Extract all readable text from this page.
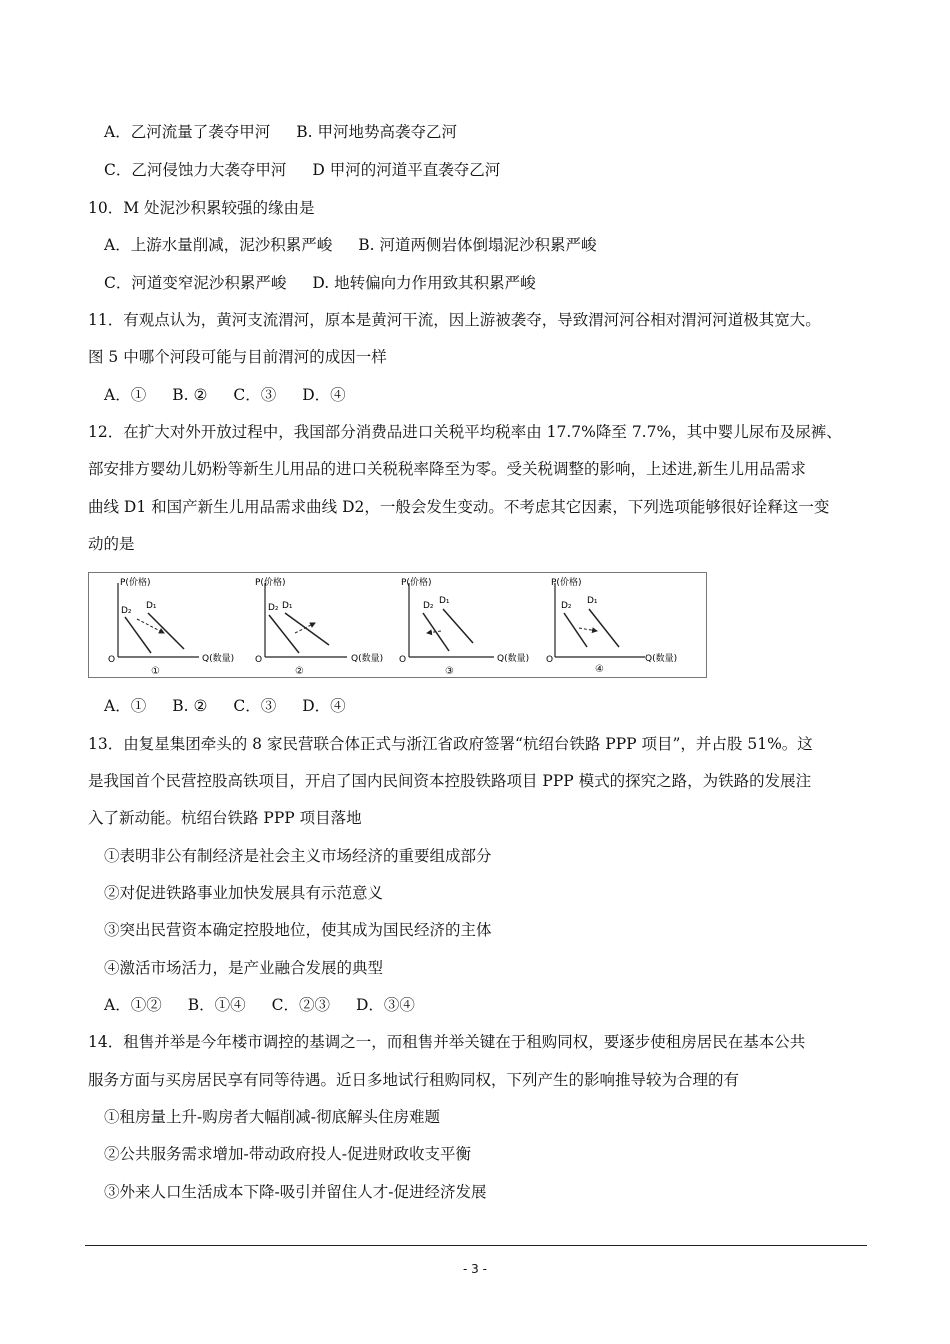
A．乙河流量了袭夺甲河 B. 甲河地势高袭夺乙河
C．乙河侵蚀力大袭夺甲河 D 甲河的河道平直袭夺乙河
10．M 处泥沙积累较强的缘由是
A．上游水量削减，泥沙积累严峻 B. 河道两侧岩体倒塌泥沙积累严峻
C．河道变窄泥沙积累严峻 D. 地转偏向力作用致其积累严峻
11．有观点认为，黄河支流渭河，原本是黄河干流，因上游被袭夺，导致渭河河谷相对渭河河道极其宽大。
图 5 中哪个河段可能与目前渭河的成因一样
A．① B. ② C．③ D．④
12．在扩大对外开放过程中，我国部分消费品进口关税平均税率由 17.7%降至 7.7%，其中婴儿尿布及尿裤、
部安排方婴幼儿奶粉等新生儿用品的进口关税税率降至为零。受关税调整的影响，上述进,新生儿用品需求
曲线 D1 和国产新生儿用品需求曲线 D2，一般会发生变动。不考虑其它因素，下列选项能够很好诠释这一变
动的是
P(价格)
Q(数量)
O
D₂ D₁
①
P(价格)
Q(数量)
O
D₂ D₁
②
P(价格)
Q(数量)
O
D₂ D₁
③
P(价格)
Q(数量)
O
D₂ D₁
④
A．① B. ② C．③ D．④
13．由复星集团牵头的 8 家民营联合体正式与浙江省政府签署“杭绍台铁路 PPP 项目”，并占股 51%。这
是我国首个民营控股高铁项目，开启了国内民间资本控股铁路项目 PPP 模式的探究之路，为铁路的发展注
入了新动能。杭绍台铁路 PPP 项目落地
①表明非公有制经济是社会主义市场经济的重要组成部分
②对促进铁路事业加快发展具有示范意义
③突出民营资本确定控股地位，使其成为国民经济的主体
④激活市场活力，是产业融合发展的典型
A．①② B．①④ C．②③ D．③④
14．租售并举是今年楼市调控的基调之一，而租售并举关键在于租购同权，要逐步使租房居民在基本公共
服务方面与买房居民享有同等待遇。近日多地试行租购同权，下列产生的影响推导较为合理的有
①租房量上升-购房者大幅削减-彻底解头住房难题
②公共服务需求增加-带动政府投人-促进财政收支平衡
③外来人口生活成本下降-吸引并留住人才-促进经济发展
- 3 -
